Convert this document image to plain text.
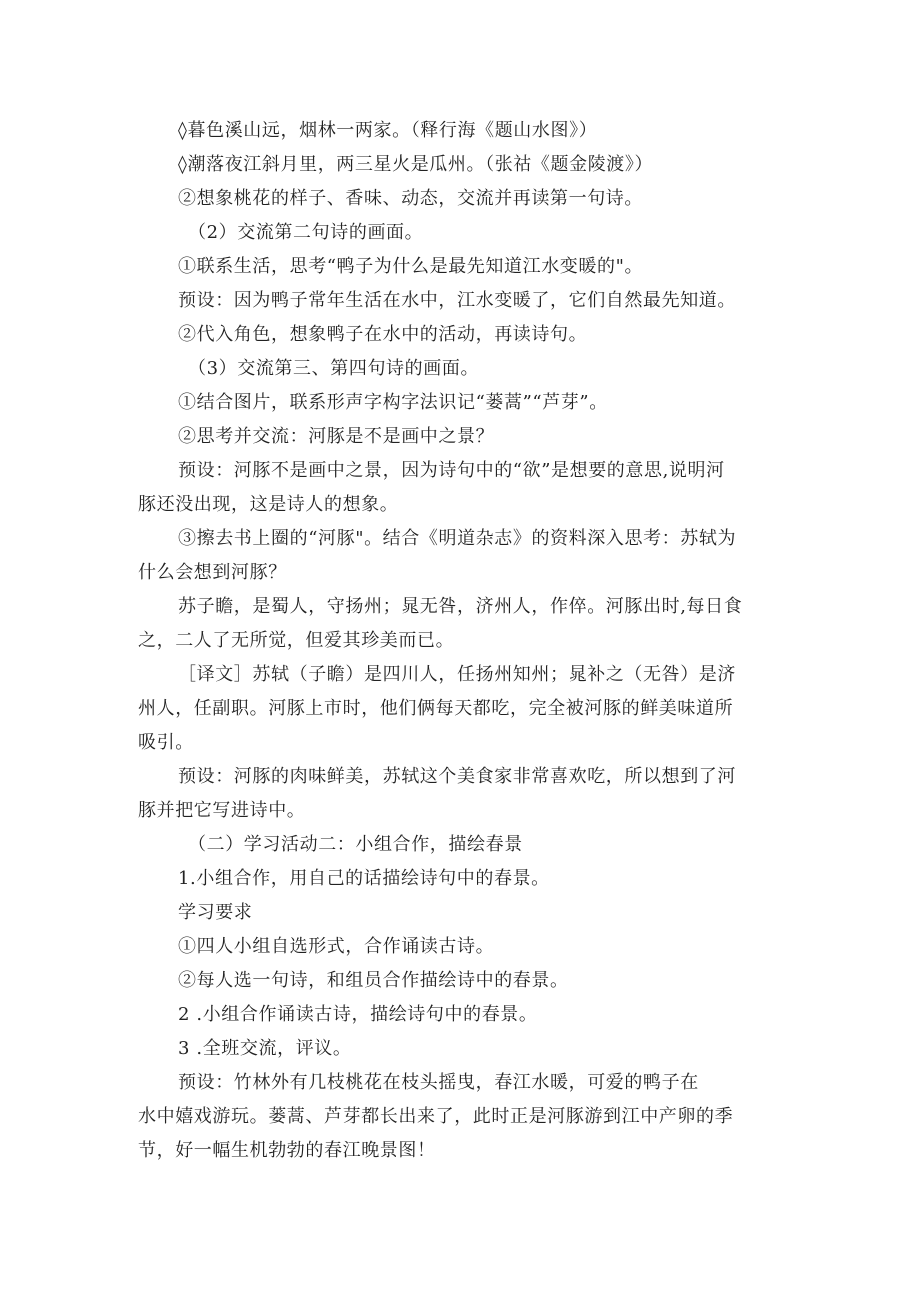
◊暮色溪山远，烟林一两家。（释行海《题山水图》）
◊潮落夜江斜月里，两三星火是瓜州。（张祜《题金陵渡》）
②想象桃花的样子、香味、动态，交流并再读第一句诗。
（2）交流第二句诗的画面。
①联系生活，思考“鸭子为什么是最先知道江水变暖的"。
预设：因为鸭子常年生活在水中，江水变暖了，它们自然最先知道。
②代入角色，想象鸭子在水中的活动，再读诗句。
（3）交流第三、第四句诗的画面。
①结合图片，联系形声字构字法识记“蒌蒿”“芦芽”。
②思考并交流：河豚是不是画中之景？
预设：河豚不是画中之景，因为诗句中的“欲”是想要的意思,说明河
豚还没出现，这是诗人的想象。
③擦去书上圈的“河豚"。结合《明道杂志》的资料深入思考：苏轼为
什么会想到河豚？
苏子瞻，是蜀人，守扬州；晁无咎，济州人，作倅。河豚出时,每日食
之，二人了无所觉，但爱其珍美而已。
［译文］苏轼（子瞻）是四川人，任扬州知州；晁补之（无咎）是济
州人，任副职。河豚上市时，他们俩每天都吃，完全被河豚的鲜美味道所
吸引。
预设：河豚的肉味鲜美，苏轼这个美食家非常喜欢吃，所以想到了河
豚并把它写进诗中。
（二）学习活动二：小组合作，描绘春景
1.小组合作，用自己的话描绘诗句中的春景。
学习要求
①四人小组自选形式，合作诵读古诗。
②每人选一句诗，和组员合作描绘诗中的春景。
2 .小组合作诵读古诗，描绘诗句中的春景。
3 .全班交流，评议。
预设：竹林外有几枝桃花在枝头摇曳，春江水暖，可爱的鸭子在
水中嬉戏游玩。蒌蒿、芦芽都长出来了，此时正是河豚游到江中产卵的季
节，好一幅生机勃勃的春江晚景图！
